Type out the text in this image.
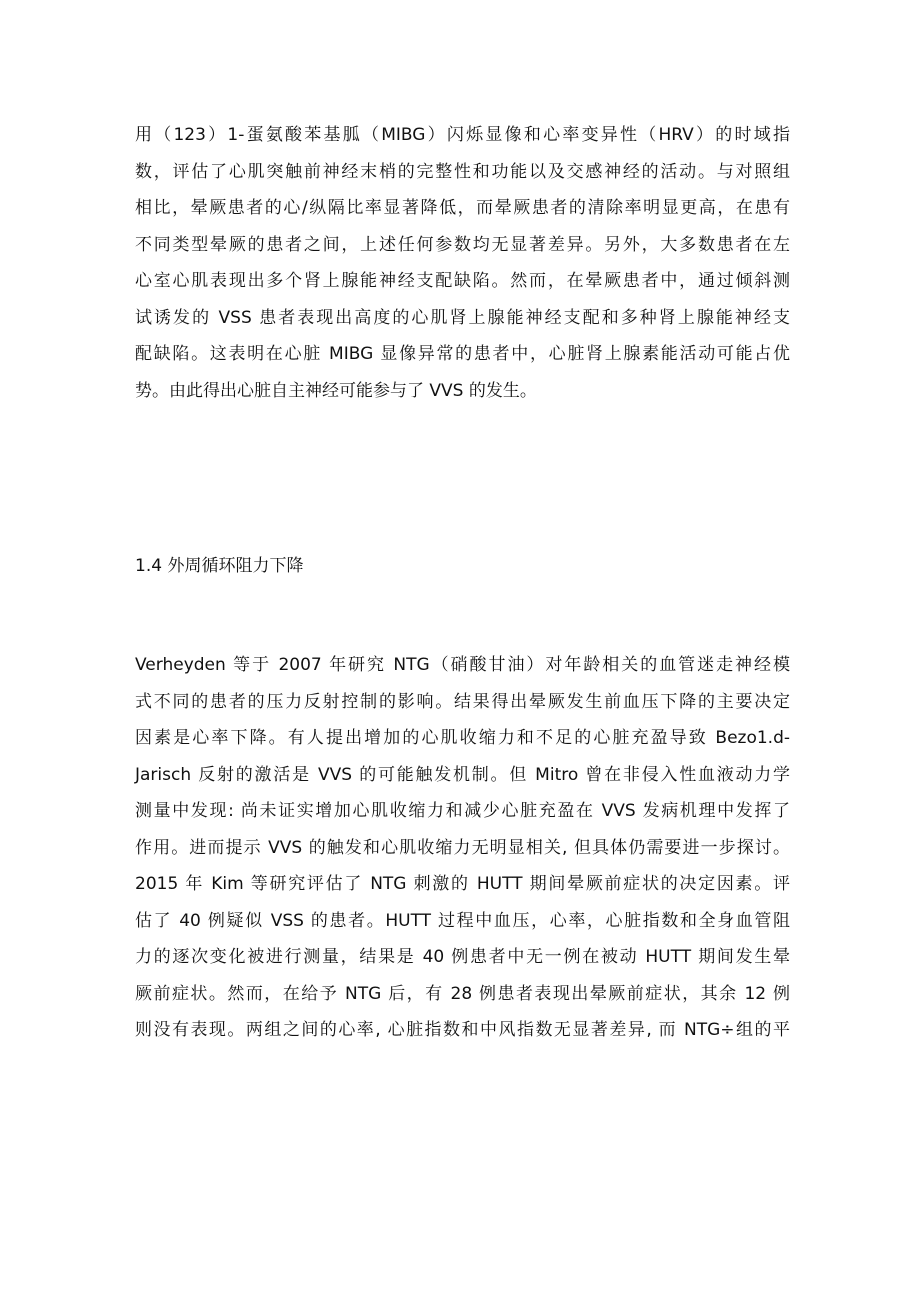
用（123）1-蛋氨酸苯基胍（MIBG）闪烁显像和心率变异性（HRV）的时域指
数，评估了心肌突触前神经末梢的完整性和功能以及交感神经的活动。与对照组
相比，晕厥患者的心/纵隔比率显著降低，而晕厥患者的清除率明显更高，在患有
不同类型晕厥的患者之间，上述任何参数均无显著差异。另外，大多数患者在左
心室心肌表现出多个肾上腺能神经支配缺陷。然而，在晕厥患者中，通过倾斜测
试诱发的 VSS 患者表现出高度的心肌肾上腺能神经支配和多种肾上腺能神经支
配缺陷。这表明在心脏 MIBG 显像异常的患者中，心脏肾上腺素能活动可能占优
势。由此得出心脏自主神经可能参与了 VVS 的发生。
1.4 外周循环阻力下降
Verheyden 等于 2007 年研究 NTG（硝酸甘油）对年龄相关的血管迷走神经模
式不同的患者的压力反射控制的影响。结果得出晕厥发生前血压下降的主要决定
因素是心率下降。有人提出增加的心肌收缩力和不足的心脏充盈导致 Bezo1.d-
Jarisch 反射的激活是 VVS 的可能触发机制。但 Mitro 曾在非侵入性血液动力学
测量中发现: 尚未证实增加心肌收缩力和减少心脏充盈在 VVS 发病机理中发挥了
作用。进而提示 VVS 的触发和心肌收缩力无明显相关, 但具体仍需要进一步探讨。
2015 年 Kim 等研究评估了 NTG 刺激的 HUTT 期间晕厥前症状的决定因素。评
估了 40 例疑似 VSS 的患者。HUTT 过程中血压，心率，心脏指数和全身血管阻
力的逐次变化被进行测量，结果是 40 例患者中无一例在被动 HUTT 期间发生晕
厥前症状。然而，在给予 NTG 后，有 28 例患者表现出晕厥前症状，其余 12 例
则没有表现。两组之间的心率, 心脏指数和中风指数无显著差异, 而 NTG÷组的平
